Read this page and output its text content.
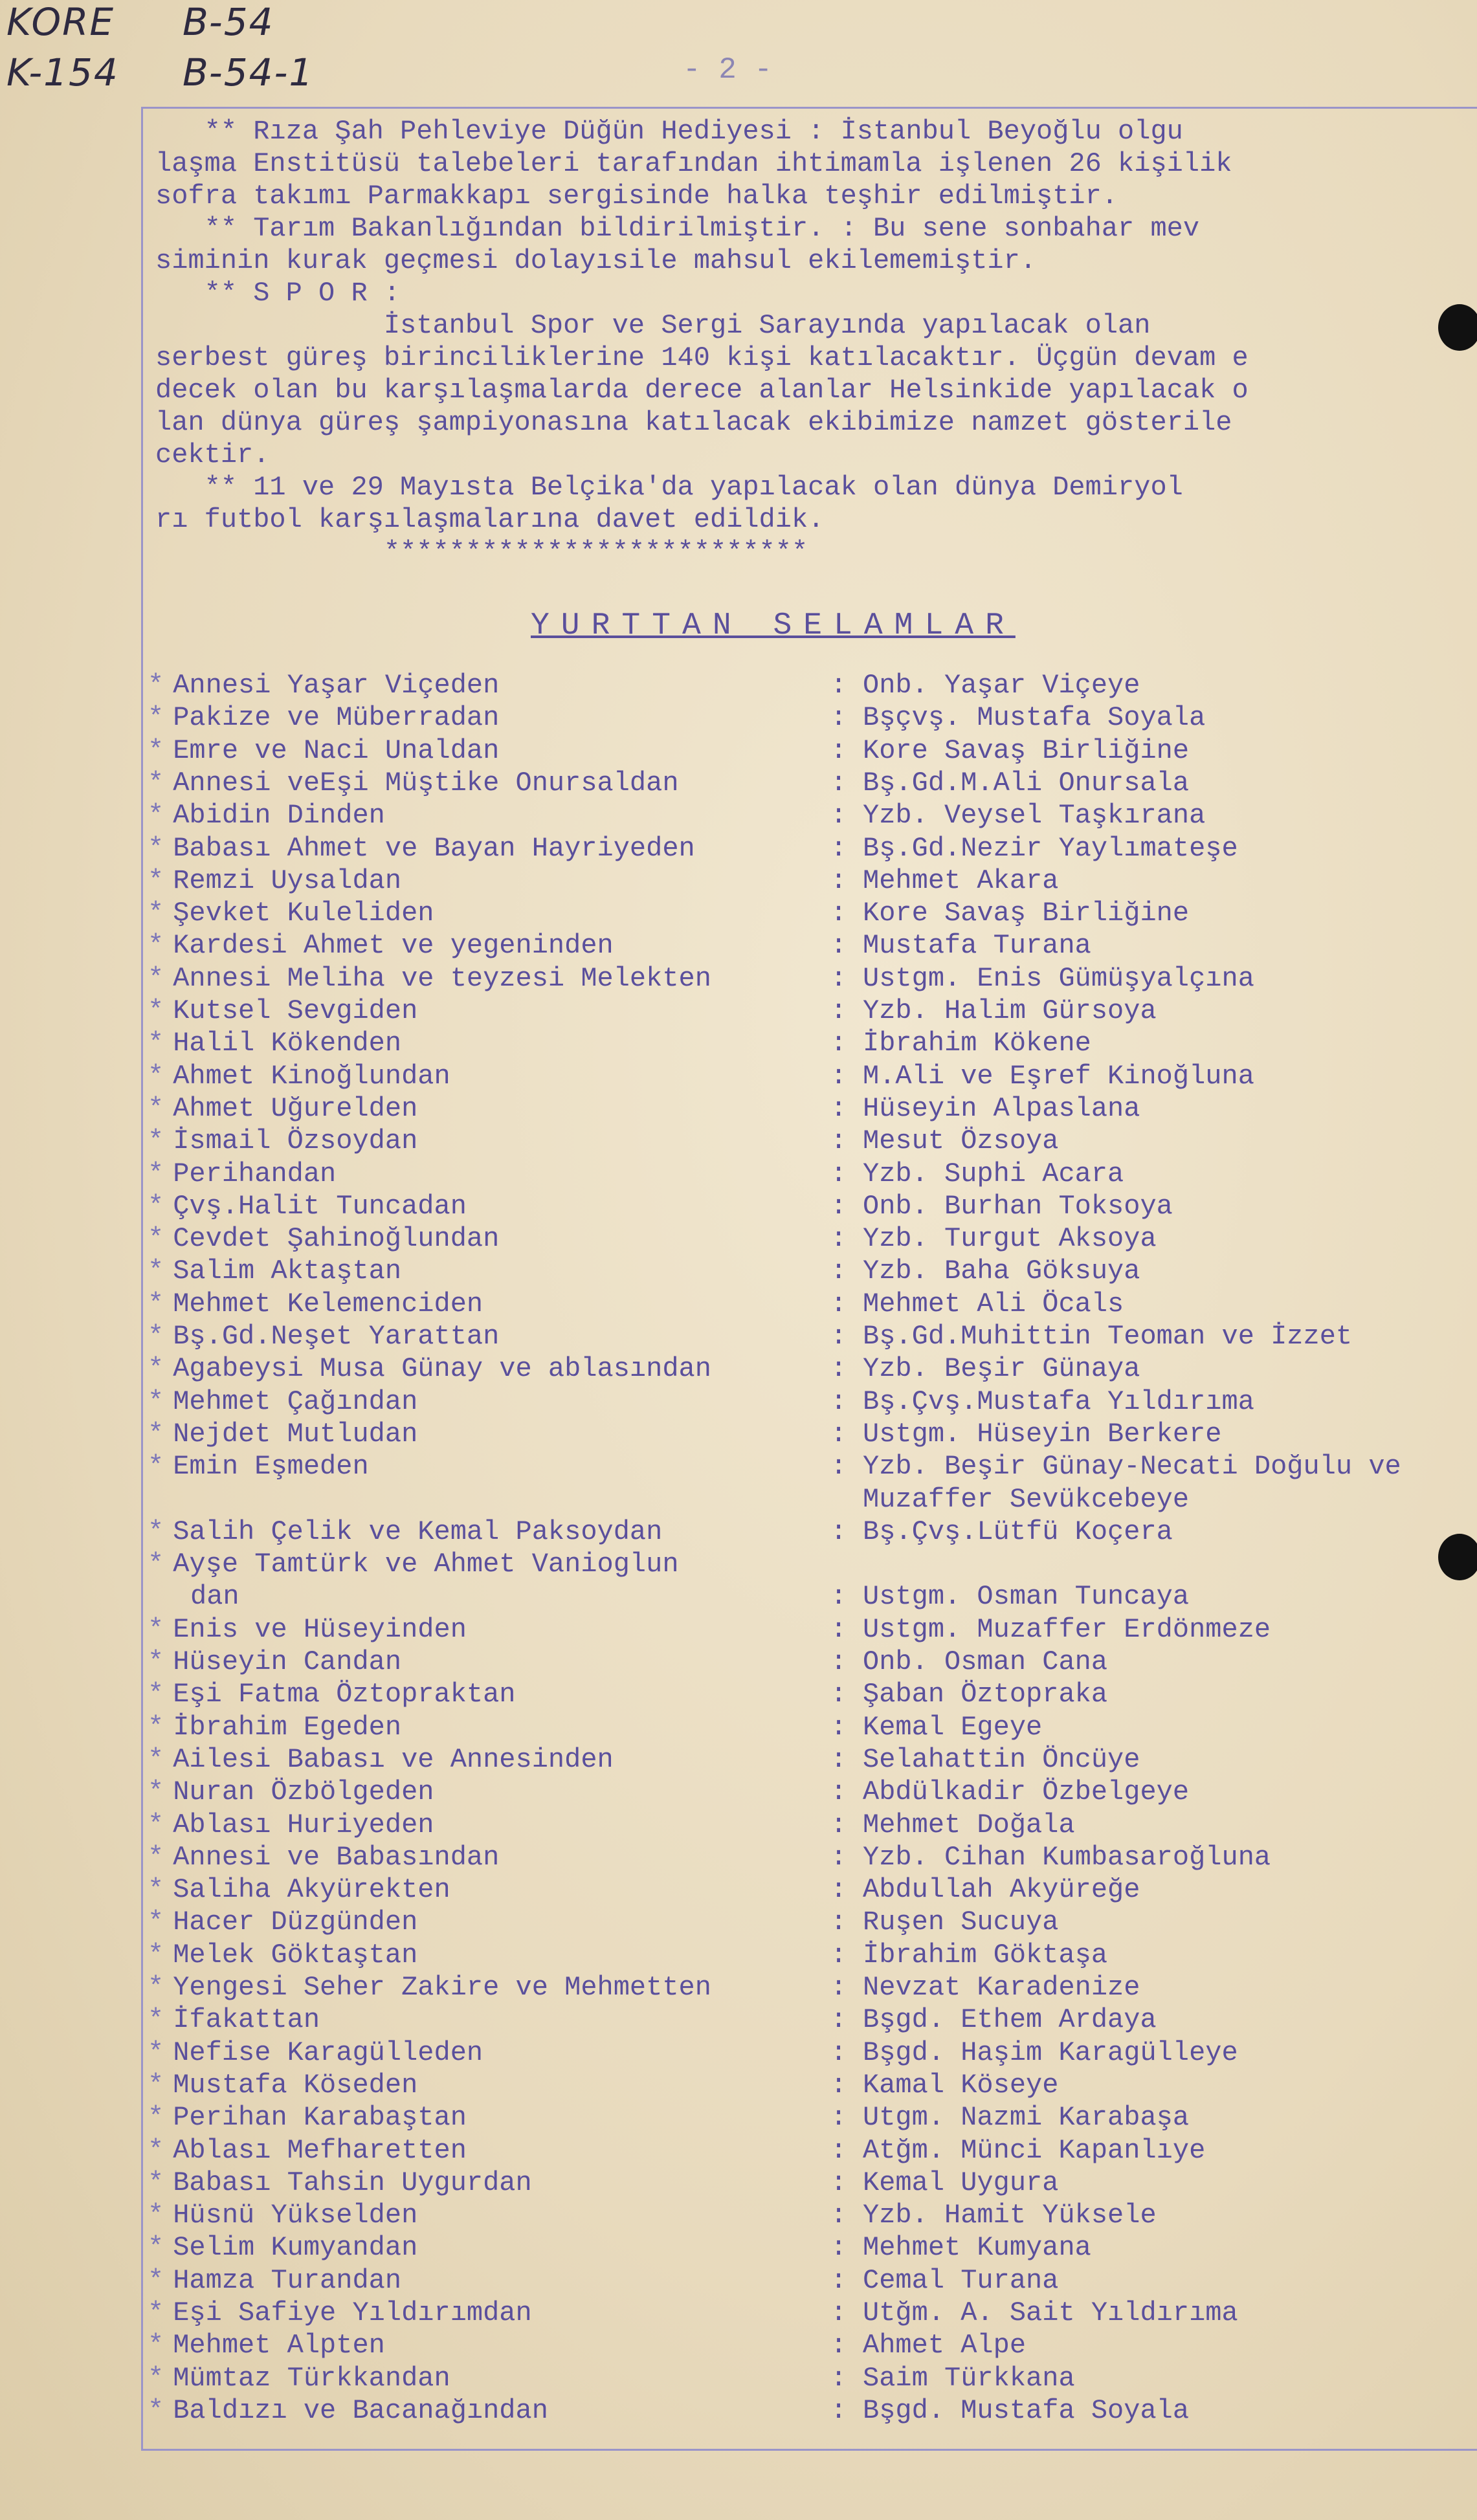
KORE
K-154
B-54
B-54-1	- 2 -
** Rıza Şah Pehleviye Düğün Hediyesi : İstanbul Beyoğlu olgu
laşma Enstitüsü talebeleri tarafından ihtimamla işlenen 26 kişilik
sofra takımı Parmakkapı sergisinde halka teşhir edilmiştir.
** Tarım Bakanlığından bildirilmiştir. : Bu sene sonbahar mev
siminin kurak geçmesi dolayısile mahsul ekilememiştir.
** S P O R :
İstanbul Spor ve Sergi Sarayında yapılacak olan
serbest güreş birinciliklerine 140 kişi katılacaktır. Üçgün devam e
decek olan bu karşılaşmalarda derece alanlar Helsinkide yapılacak o
lan dünya güreş şampiyonasına katılacak ekibimize namzet gösterile
cektir.
** 11 ve 29 Mayısta Belçika'da yapılacak olan dünya Demiryol
rı futbol karşılaşmalarına davet edildik.
**************************
YURTTAN SELAMLAR
* Annesi Yaşar Viçeden	: Onb. Yaşar Viçeye
* Pakize ve Müberradan	: Bşçvş. Mustafa Soyala
* Emre ve Naci Unaldan	: Kore Savaş Birliğine
* Annesi veEşi Müştike Onursaldan	: Bş.Gd.M.Ali Onursala
* Abidin Dinden	: Yzb. Veysel Taşkırana
* Babası Ahmet ve Bayan Hayriyeden	: Bş.Gd.Nezir Yaylımateşe
* Remzi Uysaldan	: Mehmet Akara
* Şevket Kuleliden	: Kore Savaş Birliğine
* Kardesi Ahmet ve yegeninden	: Mustafa Turana
* Annesi Meliha ve teyzesi Melekten	: Ustgm. Enis Gümüşyalçına
* Kutsel Sevgiden	: Yzb. Halim Gürsoya
* Halil Kökenden	: İbrahim Kökene
* Ahmet Kinoğlundan	: M.Ali ve Eşref Kinoğluna
* Ahmet Uğurelden	: Hüseyin Alpaslana
* İsmail Özsoydan	: Mesut Özsoya
* Perihandan	: Yzb. Suphi Acara
* Çvş.Halit Tuncadan	: Onb. Burhan Toksoya
* Cevdet Şahinoğlundan	: Yzb. Turgut Aksoya
* Salim Aktaştan	: Yzb. Baha Göksuya
* Mehmet Kelemenciden	: Mehmet Ali Öcals
* Bş.Gd.Neşet Yarattan	: Bş.Gd.Muhittin Teoman ve İzzet
* Agabeysi Musa Günay ve ablasından	: Yzb. Beşir Günaya
* Mehmet Çağından	: Bş.Çvş.Mustafa Yıldırıma
* Nejdet Mutludan	: Ustgm. Hüseyin Berkere
* Emin Eşmeden	: Yzb. Beşir Günay-Necati Doğulu ve
Muzaffer Sevükcebeye
* Salih Çelik ve Kemal Paksoydan	: Bş.Çvş.Lütfü Koçera
* Ayşe Tamtürk ve Ahmet Vanioglun
dan	: Ustgm. Osman Tuncaya
* Enis ve Hüseyinden	: Ustgm. Muzaffer Erdönmeze
* Hüseyin Candan	: Onb. Osman Cana
* Eşi Fatma Öztopraktan	: Şaban Öztopraka
* İbrahim Egeden	: Kemal Egeye
* Ailesi Babası ve Annesinden	: Selahattin Öncüye
* Nuran Özbölgeden	: Abdülkadir Özbelgeye
* Ablası Huriyeden	: Mehmet Doğala
* Annesi ve Babasından	: Yzb. Cihan Kumbasaroğluna
* Saliha Akyürekten	: Abdullah Akyüreğe
* Hacer Düzgünden	: Ruşen Sucuya
* Melek Göktaştan	: İbrahim Göktaşa
* Yengesi Seher Zakire ve Mehmetten	: Nevzat Karadenize
* İfakattan	: Bşgd. Ethem Ardaya
* Nefise Karagülleden	: Bşgd. Haşim Karagülleye
* Mustafa Köseden	: Kamal Köseye
* Perihan Karabaştan	: Utgm. Nazmi Karabaşa
* Ablası Mefharetten	: Atğm. Münci Kapanlıye
* Babası Tahsin Uygurdan	: Kemal Uygura
* Hüsnü Yükselden	: Yzb. Hamit Yüksele
* Selim Kumyandan	: Mehmet Kumyana
* Hamza Turandan	: Cemal Turana
* Eşi Safiye Yıldırımdan	: Utğm. A. Sait Yıldırıma
* Mehmet Alpten	: Ahmet Alpe
* Mümtaz Türkkandan	: Saim Türkkana
* Baldızı ve Bacanağından	: Bşgd. Mustafa Soyala
